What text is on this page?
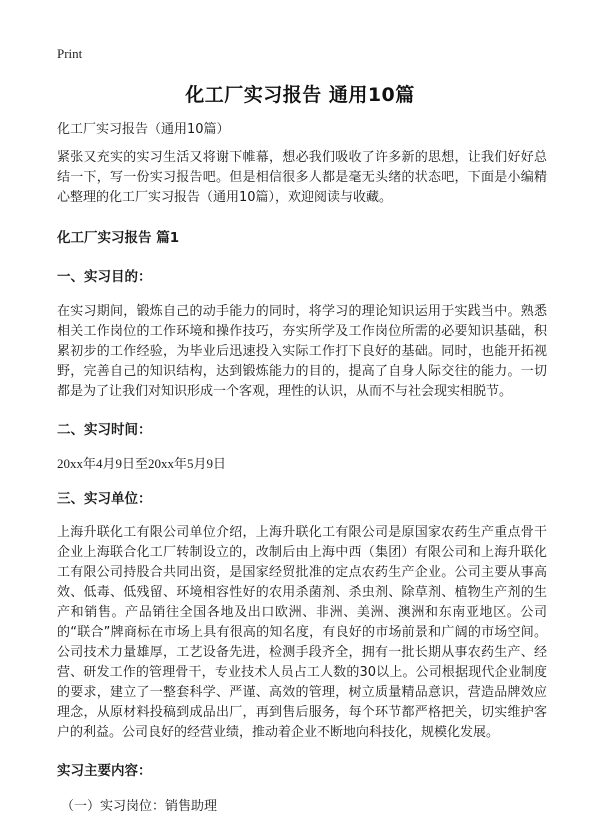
Print
化工厂实习报告 通用10篇

化工厂实习报告（通用10篇）

紧张又充实的实习生活又将谢下帷幕，想必我们吸收了许多新的思想，让我们好好总结一下，写一份实习报告吧。但是相信很多人都是毫无头绪的状态吧，下面是小编精心整理的化工厂实习报告（通用10篇），欢迎阅读与收藏。

化工厂实习报告 篇1

一、实习目的：

在实习期间，锻炼自己的动手能力的同时，将学习的理论知识运用于实践当中。熟悉相关工作岗位的工作环境和操作技巧，夯实所学及工作岗位所需的必要知识基础，积累初步的工作经验，为毕业后迅速投入实际工作打下良好的基础。同时，也能开拓视野，完善自己的知识结构，达到锻炼能力的目的，提高了自身人际交往的能力。一切都是为了让我们对知识形成一个客观，理性的认识，从而不与社会现实相脱节。

二、实习时间：

20xx年4月9日至20xx年5月9日

三、实习单位：

上海升联化工有限公司单位介绍，上海升联化工有限公司是原国家农药生产重点骨干企业上海联合化工厂转制设立的，改制后由上海中西（集团）有限公司和上海升联化工有限公司持股合共同出资，是国家经贸批准的定点农药生产企业。公司主要从事高效、低毒、低残留、环境相容性好的农用杀菌剂、杀虫剂、除草剂、植物生产剂的生产和销售。产品销往全国各地及出口欧洲、非洲、美洲、澳洲和东南亚地区。公司的“联合”牌商标在市场上具有很高的知名度，有良好的市场前景和广阔的市场空间。公司技术力量雄厚，工艺设备先进，检测手段齐全，拥有一批长期从事农药生产、经营、研发工作的管理骨干，专业技术人员占工人数的30以上。公司根据现代企业制度的要求，建立了一整套科学、严谨、高效的管理，树立质量精品意识，营造品牌效应理念，从原材料投稿到成品出厂，再到售后服务，每个环节都严格把关，切实维护客户的利益。公司良好的经营业绩，推动着企业不断地向科技化，规模化发展。

实习主要内容：

（一）实习岗位：销售助理
